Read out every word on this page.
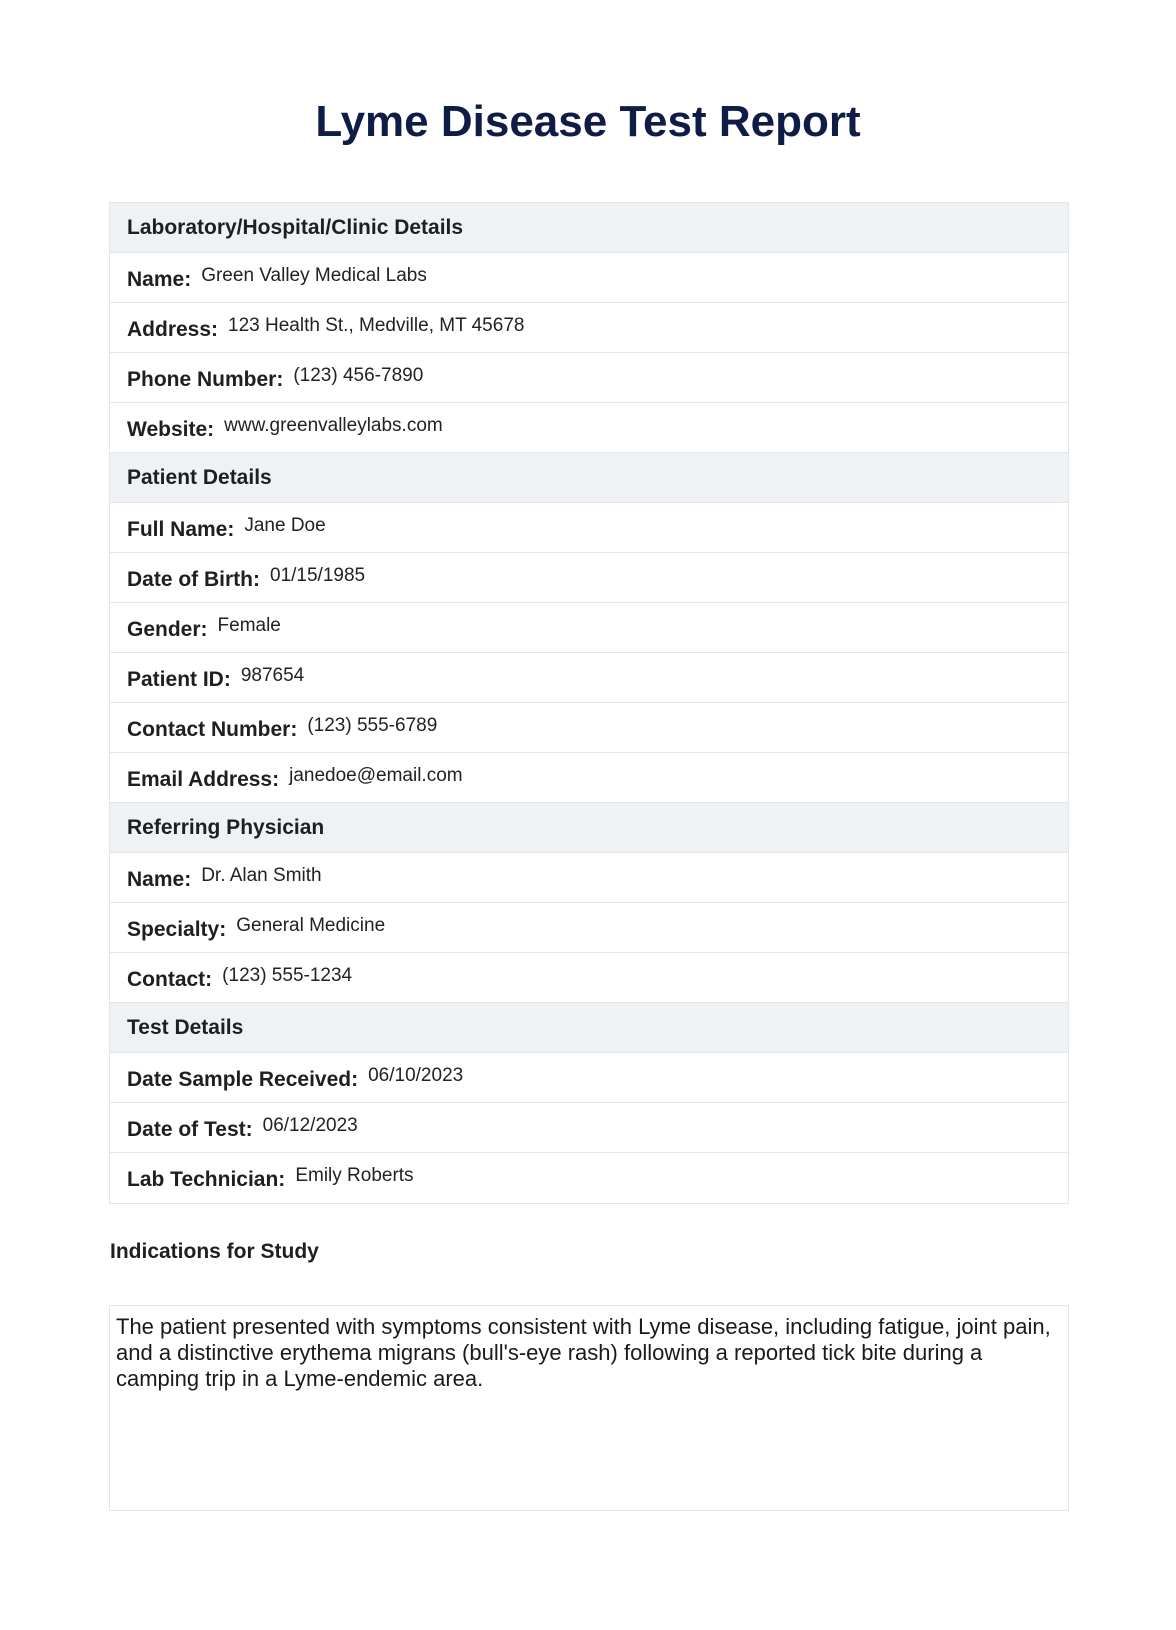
Lyme Disease Test Report
Laboratory/Hospital/Clinic Details
Name: Green Valley Medical Labs
Address: 123 Health St., Medville, MT 45678
Phone Number: (123) 456-7890
Website: www.greenvalleylabs.com
Patient Details
Full Name: Jane Doe
Date of Birth: 01/15/1985
Gender: Female
Patient ID: 987654
Contact Number: (123) 555-6789
Email Address: janedoe@email.com
Referring Physician
Name: Dr. Alan Smith
Specialty: General Medicine
Contact: (123) 555-1234
Test Details
Date Sample Received: 06/10/2023
Date of Test: 06/12/2023
Lab Technician: Emily Roberts
Indications for Study

The patient presented with symptoms consistent with Lyme disease, including fatigue, joint pain, and a distinctive erythema migrans (bull's-eye rash) following a reported tick bite during a camping trip in a Lyme-endemic area.
